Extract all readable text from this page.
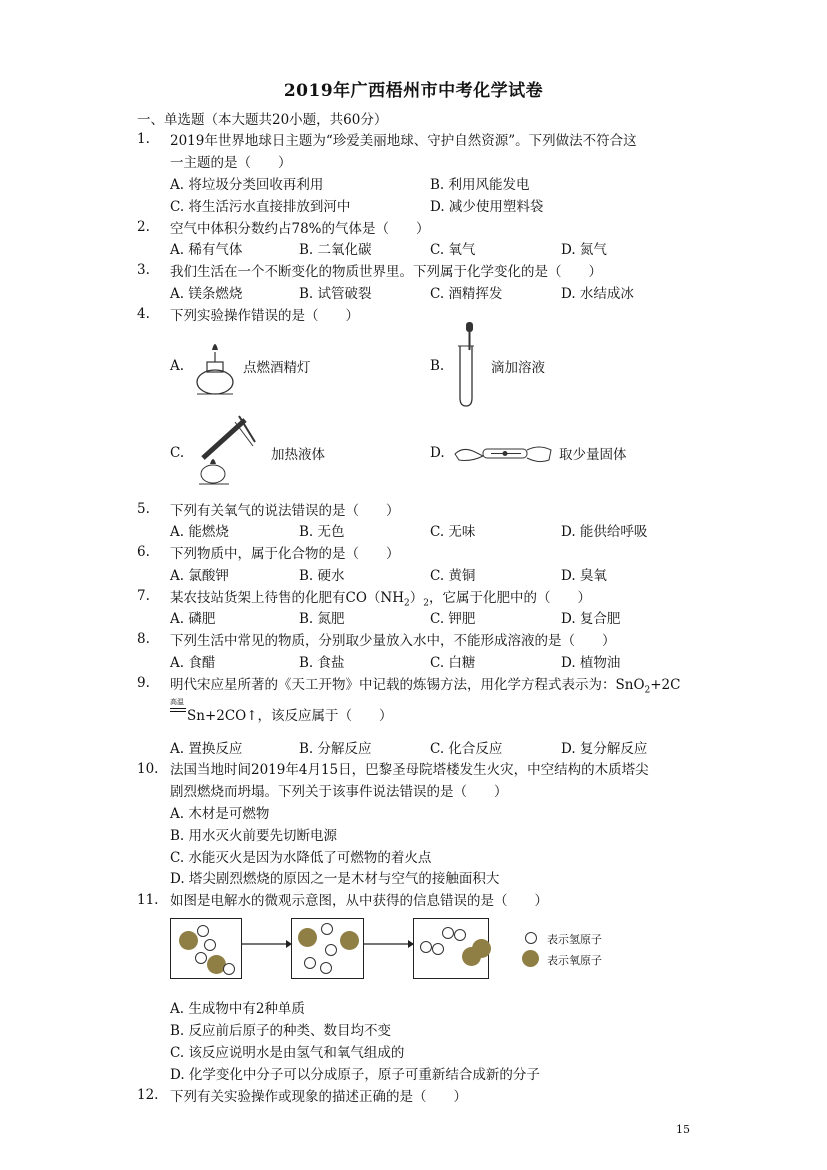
2019年广西梧州市中考化学试卷
一、单选题（本大题共20小题，共60分）
1. 2019年世界地球日主题为“珍爱美丽地球、守护自然资源”。下列做法不符合这
一主题的是（　　）
A. 将垃圾分类回收再利用	B. 利用风能发电
C. 将生活污水直接排放到河中	D. 减少使用塑料袋
2. 空气中体积分数约占78%的气体是（　　）
A. 稀有气体	B. 二氧化碳	C. 氧气	D. 氮气
3. 我们生活在一个不断变化的物质世界里。下列属于化学变化的是（　　）
A. 镁条燃烧	B. 试管破裂	C. 酒精挥发	D. 水结成冰
4. 下列实验操作错误的是（　　）
A.	点燃酒精灯	B.	滴加溶液
C.	加热液体	D.	取少量固体
5. 下列有关氧气的说法错误的是（　　）
A. 能燃烧	B. 无色	C. 无味	D. 能供给呼吸
6. 下列物质中，属于化合物的是（　　）
A. 氯酸钾	B. 硬水	C. 黄铜	D. 臭氧
7. 某农技站货架上待售的化肥有$CO(NH_2)_2$，它属于化肥中的（　　）
A. 磷肥	B. 氮肥	C. 钾肥	D. 复合肥
8. 下列生活中常见的物质，分别取少量放入水中，不能形成溶液的是（　　）
A. 食醋	B. 食盐	C. 白糖	D. 植物油
9. 明代宋应星所著的《天工开物》中记载的炼锡方法，用化学方程式表示为：SnO$_2$+2C
高温
Sn+2CO↑，该反应属于（　　）
A. 置换反应	B. 分解反应	C. 化合反应	D. 复分解反应
10. 法国当地时间2019年4月15日，巴黎圣母院塔楼发生火灾，中空结构的木质塔尖
剧烈燃烧而坍塌。下列关于该事件说法错误的是（　　）
A. 木材是可燃物
B. 用水灭火前要先切断电源
C. 水能灭火是因为水降低了可燃物的着火点
D. 塔尖剧烈燃烧的原因之一是木材与空气的接触面积大
11. 如图是电解水的微观示意图，从中获得的信息错误的是（　　）
表示氢原子
表示氧原子
A. 生成物中有2种单质
B. 反应前后原子的种类、数目均不变
C. 该反应说明水是由氢气和氧气组成的
D. 化学变化中分子可以分成原子，原子可重新结合成新的分子
12. 下列有关实验操作或现象的描述正确的是（　　）
15
